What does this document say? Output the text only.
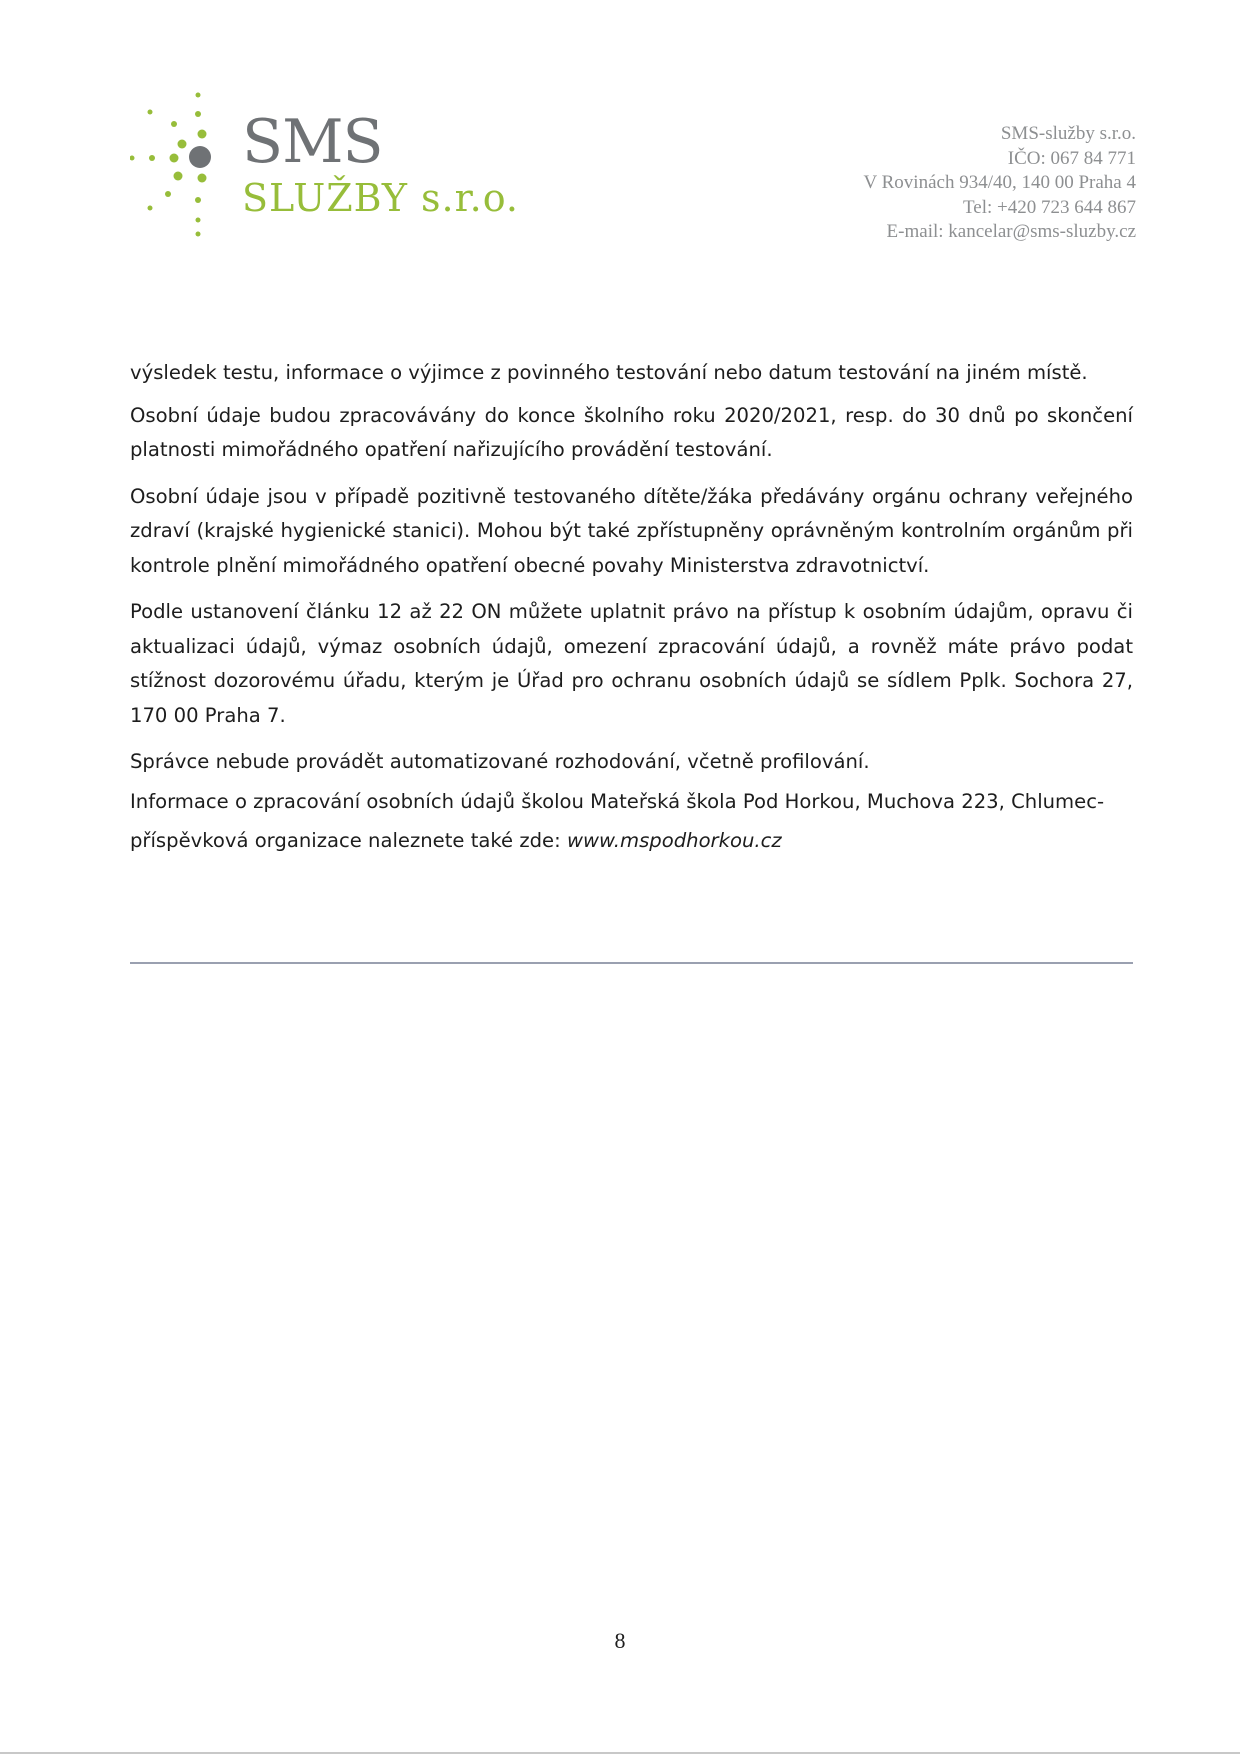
SMS
SLUŽBY s.r.o.
SMS-služby s.r.o.
IČO: 067 84 771
V Rovinách 934/40, 140 00 Praha 4
Tel: +420 723 644 867
E-mail: kancelar@sms-sluzby.cz

výsledek testu, informace o výjimce z povinného testování nebo datum testování na jiném místě.

Osobní údaje budou zpracovávány do konce školního roku 2020/2021, resp. do 30 dnů po skončení platnosti mimořádného opatření nařizujícího provádění testování.

Osobní údaje jsou v případě pozitivně testovaného dítěte/žáka předávány orgánu ochrany veřejného zdraví (krajské hygienické stanici). Mohou být také zpřístupněny oprávněným kontrolním orgánům při kontrole plnění mimořádného opatření obecné povahy Ministerstva zdravotnictví.

Podle ustanovení článku 12 až 22 ON můžete uplatnit právo na přístup k osobním údajům, opravu či aktualizaci údajů, výmaz osobních údajů, omezení zpracování údajů, a rovněž máte právo podat stížnost dozorovému úřadu, kterým je Úřad pro ochranu osobních údajů se sídlem Pplk. Sochora 27, 170 00 Praha 7.

Správce nebude provádět automatizované rozhodování, včetně profilování.

Informace o zpracování osobních údajů školou Mateřská škola Pod Horkou, Muchova 223, Chlumec-

příspěvková organizace naleznete také zde: www.mspodhorkou.cz

8
